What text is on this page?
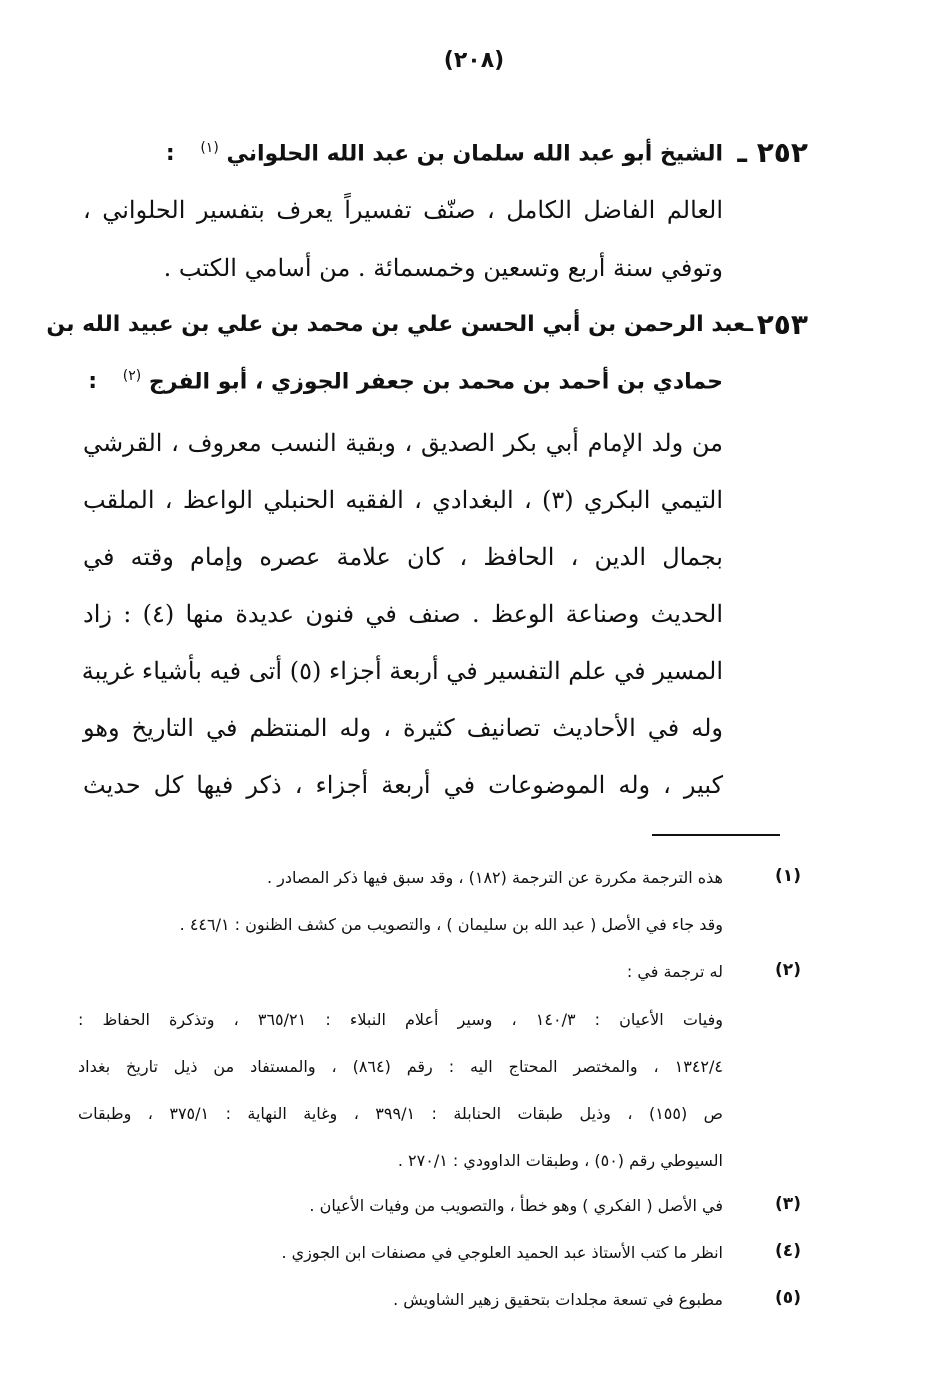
(٢٠٨)
٢٥٢ ـ
الشيخ أبو عبد الله سلمان بن عبد الله الحلواني $^{(١)}$ :
العالم الفاضل الكامل ، صنّف تفسيراً يعرف بتفسير الحلواني ،
وتوفي سنة أربع وتسعين وخمسمائة . من أسامي الكتب .
٢٥٣
ـعبد الرحمن بن أبي الحسن علي بن محمد بن علي بن عبيد الله بن
حمادي بن أحمد بن محمد بن جعفر الجوزي ، أبو الفرج $^{(٢)}$ :
من ولد الإمام أبي بكر الصديق ، وبقية النسب معروف ، القرشي
التيمي البكري (٣) ، البغدادي ، الفقيه الحنبلي الواعظ ، الملقب
بجمال الدين ، الحافظ ، كان علامة عصره وإمام وقته في
الحديث وصناعة الوعظ . صنف في فنون عديدة منها (٤) : زاد
المسير في علم التفسير في أربعة أجزاء (٥) أتى فيه بأشياء غريبة
وله في الأحاديث تصانيف كثيرة ، وله المنتظم في التاريخ وهو
كبير ، وله الموضوعات في أربعة أجزاء ، ذكر فيها كل حديث
(١)
هذه الترجمة مكررة عن الترجمة (١٨٢) ، وقد سبق فيها ذكر المصادر .
وقد جاء في الأصل ( عبد الله بن سليمان ) ، والتصويب من كشف الظنون : ٤٤٦/١ .
(٢)
له ترجمة في :
وفيات الأعيان : ١٤٠/٣ ، وسير أعلام النبلاء : ٣٦٥/٢١ ، وتذكرة الحفاظ :
١٣٤٢/٤ ، والمختصر المحتاج اليه : رقم (٨٦٤) ، والمستفاد من ذيل تاريخ بغداد
ص (١٥٥) ، وذيل طبقات الحنابلة : ٣٩٩/١ ، وغاية النهاية : ٣٧٥/١ ، وطبقات
السيوطي رقم (٥٠) ، وطبقات الداوودي : ٢٧٠/١ .
(٣)
في الأصل ( الفكري ) وهو خطأ ، والتصويب من وفيات الأعيان .
(٤)
انظر ما كتب الأستاذ عبد الحميد العلوجي في مصنفات ابن الجوزي .
(٥)
مطبوع في تسعة مجلدات بتحقيق زهير الشاويش .
